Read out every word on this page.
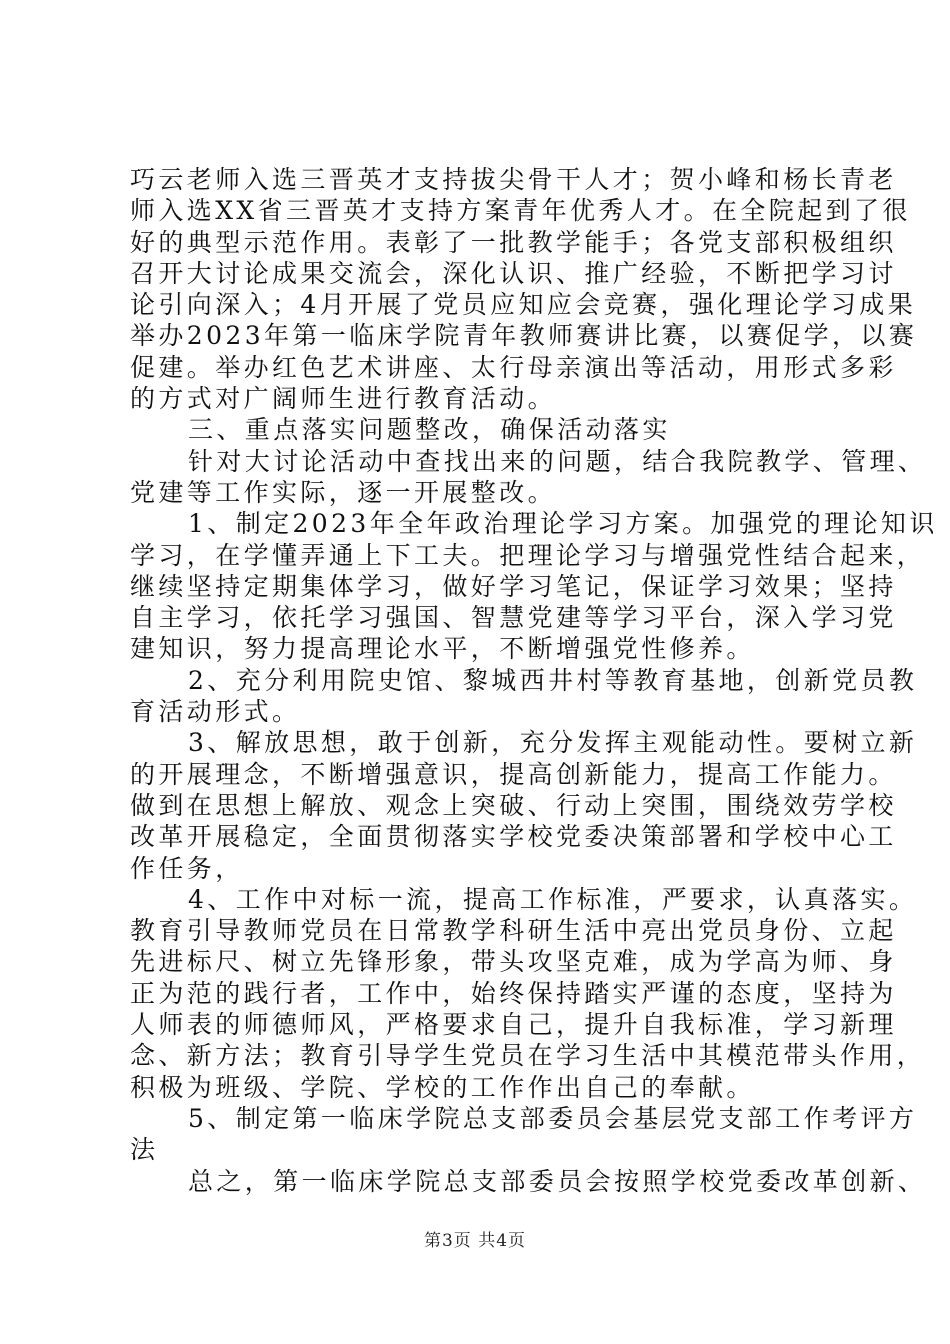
巧云老师入选三晋英才支持拔尖骨干人才；贺小峰和杨长青老
师入选XX省三晋英才支持方案青年优秀人才。在全院起到了很
好的典型示范作用。表彰了一批教学能手；各党支部积极组织
召开大讨论成果交流会，深化认识、推广经验，不断把学习讨
论引向深入；4月开展了党员应知应会竞赛，强化理论学习成果
举办2023年第一临床学院青年教师赛讲比赛，以赛促学，以赛
促建。举办红色艺术讲座、太行母亲演出等活动，用形式多彩
的方式对广阔师生进行教育活动。
三、重点落实问题整改，确保活动落实
针对大讨论活动中查找出来的问题，结合我院教学、管理、
党建等工作实际，逐一开展整改。
1、制定2023年全年政治理论学习方案。加强党的理论知识
学习，在学懂弄通上下工夫。把理论学习与增强党性结合起来，
继续坚持定期集体学习，做好学习笔记，保证学习效果；坚持
自主学习，依托学习强国、智慧党建等学习平台，深入学习党
建知识，努力提高理论水平，不断增强党性修养。
2、充分利用院史馆、黎城西井村等教育基地，创新党员教
育活动形式。
3、解放思想，敢于创新，充分发挥主观能动性。要树立新
的开展理念，不断增强意识，提高创新能力，提高工作能力。
做到在思想上解放、观念上突破、行动上突围，围绕效劳学校
改革开展稳定，全面贯彻落实学校党委决策部署和学校中心工
作任务，
4、工作中对标一流，提高工作标准，严要求，认真落实。
教育引导教师党员在日常教学科研生活中亮出党员身份、立起
先进标尺、树立先锋形象，带头攻坚克难，成为学高为师、身
正为范的践行者，工作中，始终保持踏实严谨的态度，坚持为
人师表的师德师风，严格要求自己，提升自我标准，学习新理
念、新方法；教育引导学生党员在学习生活中其模范带头作用，
积极为班级、学院、学校的工作作出自己的奉献。
5、制定第一临床学院总支部委员会基层党支部工作考评方
法
总之，第一临床学院总支部委员会按照学校党委改革创新、
第3页 共4页
